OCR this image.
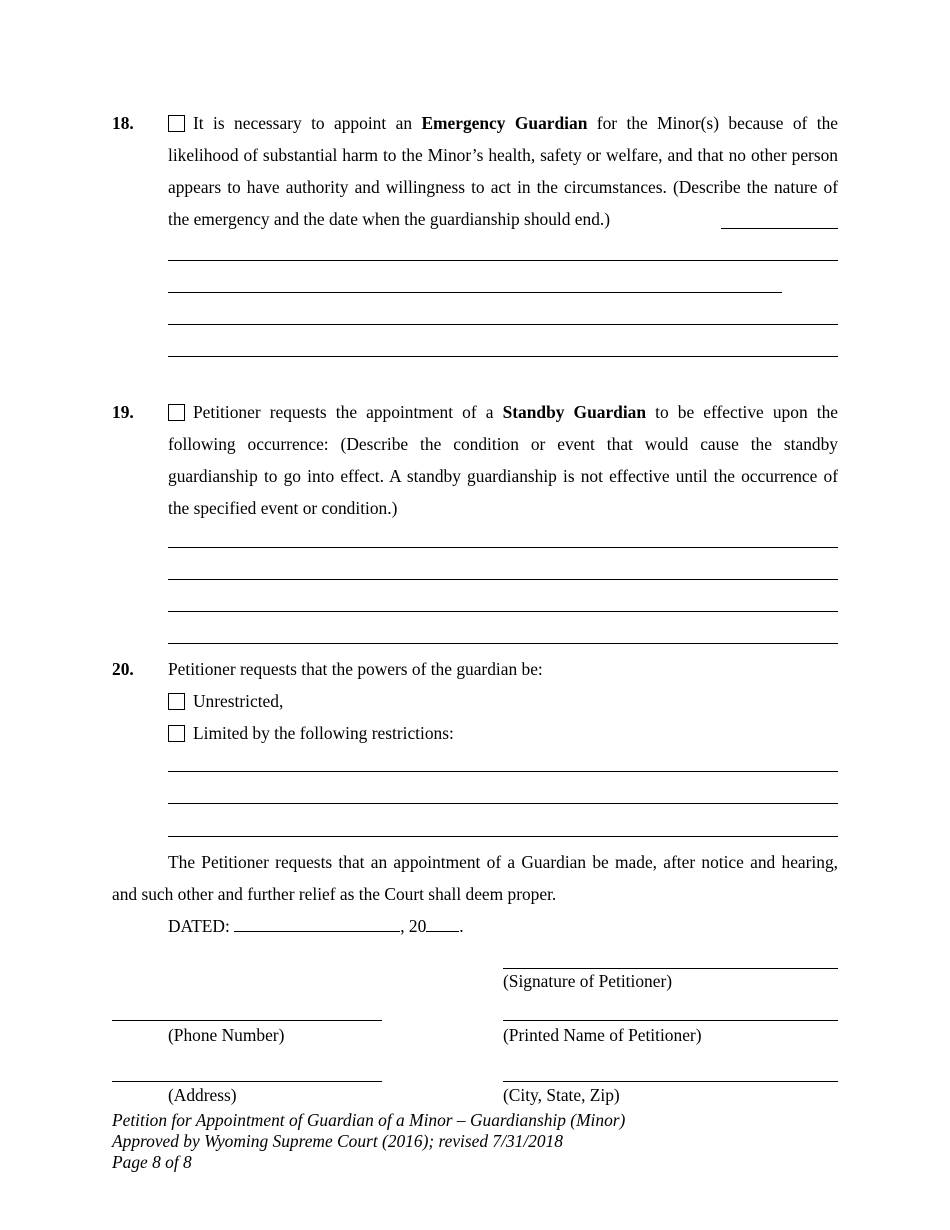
18.	It is necessary to appoint an Emergency Guardian for the Minor(s) because of the likelihood of substantial harm to the Minor’s health, safety or welfare, and that no other person appears to have authority and willingness to act in the circumstances. (Describe the nature of the emergency and the date when the guardianship should end.)
19.	Petitioner requests the appointment of a Standby Guardian to be effective upon the following occurrence: (Describe the condition or event that would cause the standby guardianship to go into effect. A standby guardianship is not effective until the occurrence of the specified event or condition.)
20. Petitioner requests that the powers of the guardian be:
Unrestricted,
Limited by the following restrictions:
The Petitioner requests that an appointment of a Guardian be made, after notice and hearing, and such other and further relief as the Court shall deem proper.
DATED:	, 20 .
(Signature of Petitioner)
(Phone Number)	(Printed Name of Petitioner)
(Address)	(City, State, Zip)
Petition for Appointment of Guardian of a Minor – Guardianship (Minor)
Approved by Wyoming Supreme Court (2016); revised 7/31/2018
Page 8 of 8
